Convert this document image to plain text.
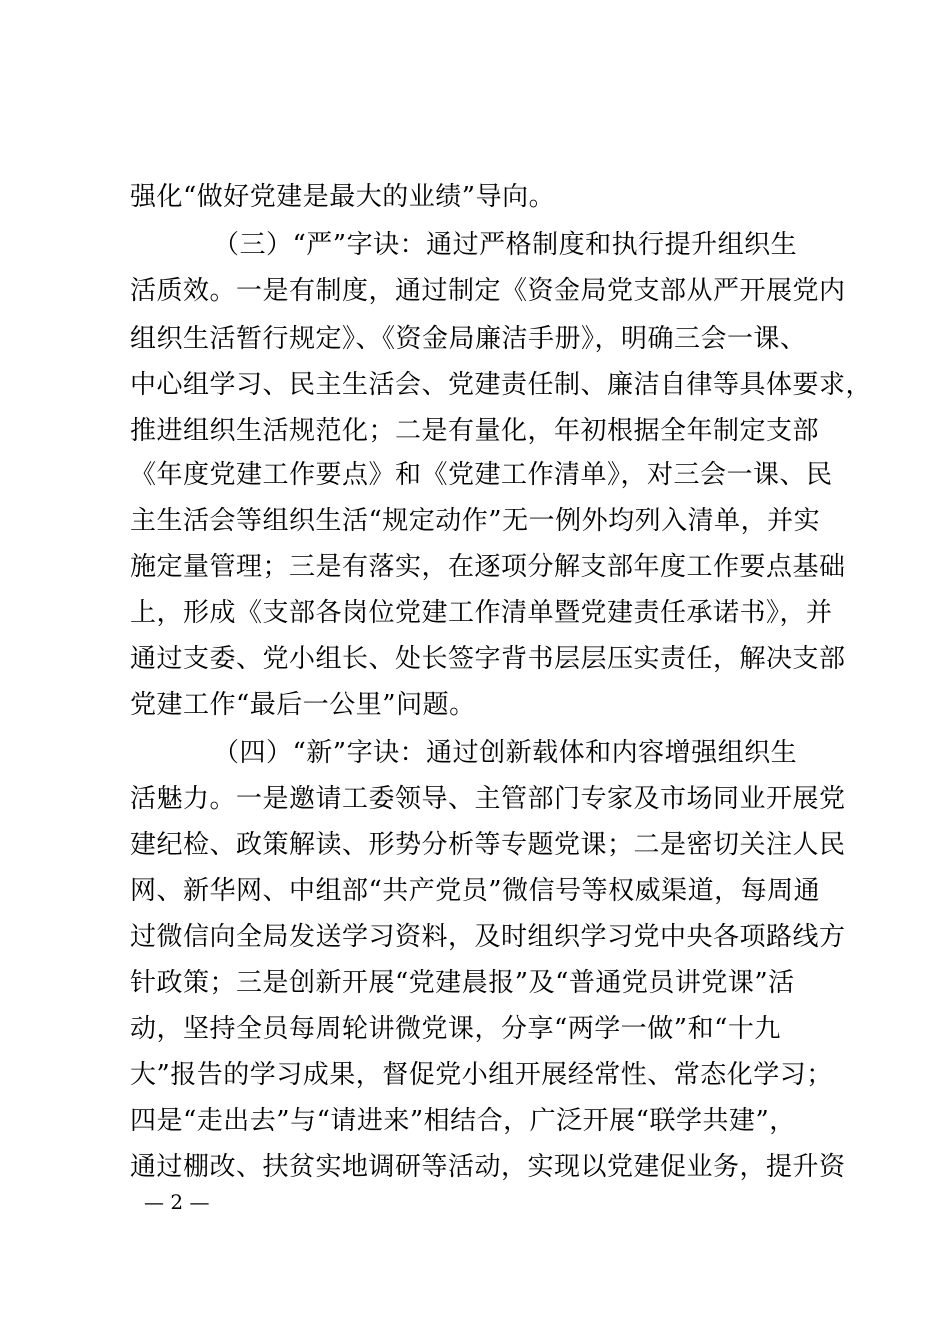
强化“做好党建是最大的业绩”导向。
（三）“严”字诀：通过严格制度和执行提升组织生
活质效。一是有制度，通过制定《资金局党支部从严开展党内
组织生活暂行规定》、《资金局廉洁手册》，明确三会一课、
中心组学习、民主生活会、党建责任制、廉洁自律等具体要求，
推进组织生活规范化；二是有量化，年初根据全年制定支部
《年度党建工作要点》和《党建工作清单》，对三会一课、民
主生活会等组织生活“规定动作”无一例外均列入清单，并实
施定量管理；三是有落实，在逐项分解支部年度工作要点基础
上，形成《支部各岗位党建工作清单暨党建责任承诺书》，并
通过支委、党小组长、处长签字背书层层压实责任，解决支部
党建工作“最后一公里”问题。
（四）“新”字诀：通过创新载体和内容增强组织生
活魅力。一是邀请工委领导、主管部门专家及市场同业开展党
建纪检、政策解读、形势分析等专题党课；二是密切关注人民
网、新华网、中组部“共产党员”微信号等权威渠道，每周通
过微信向全局发送学习资料，及时组织学习党中央各项路线方
针政策；三是创新开展“党建晨报”及“普通党员讲党课”活
动，坚持全员每周轮讲微党课，分享“两学一做”和“十九
大”报告的学习成果，督促党小组开展经常性、常态化学习；
四是“走出去”与“请进来”相结合，广泛开展“联学共建”，
通过棚改、扶贫实地调研等活动，实现以党建促业务，提升资
— 2 —
